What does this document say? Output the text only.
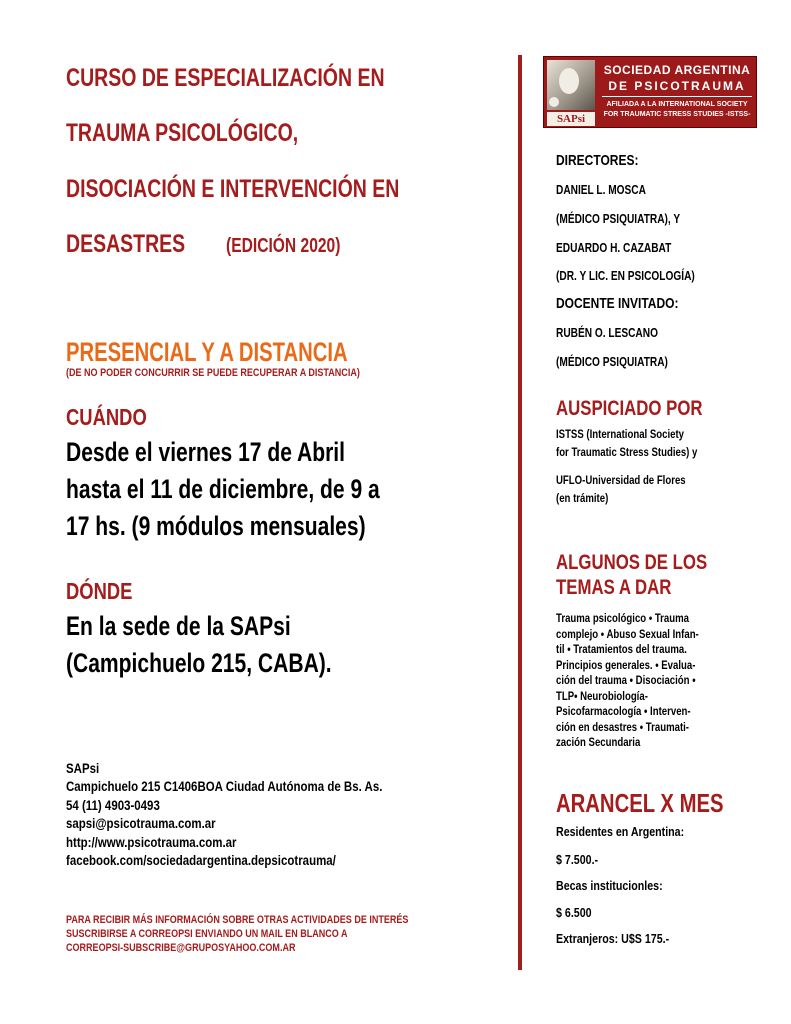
CURSO DE ESPECIALIZACIÓN EN
TRAUMA PSICOLÓGICO,
DISOCIACIÓN E INTERVENCIÓN EN
DESASTRES (EDICIÓN 2020)
PRESENCIAL Y A DISTANCIA
(DE NO PODER CONCURRIR SE PUEDE RECUPERAR A DISTANCIA)
CUÁNDO
Desde el viernes 17 de Abril
hasta el 11 de diciembre, de 9 a
17 hs. (9 módulos mensuales)
DÓNDE
En la sede de la SAPsi
(Campichuelo 215, CABA).
SAPsi
Campichuelo 215 C1406BOA Ciudad Autónoma de Bs. As.
54 (11) 4903-0493
sapsi@psicotrauma.com.ar
http://www.psicotrauma.com.ar
facebook.com/sociedadargentina.depsicotrauma/
PARA RECIBIR MÁS INFORMACIÓN SOBRE OTRAS ACTIVIDADES DE INTERÉS
SUSCRIBIRSE A CORREOPSI ENVIANDO UN MAIL EN BLANCO A
CORREOPSI-SUBSCRIBE@GRUPOSYAHOO.COM.AR
SAPsi
SOCIEDAD ARGENTINA
DE PSICOTRAUMA
AFILIADA A LA INTERNATIONAL SOCIETY
FOR TRAUMATIC STRESS STUDIES -ISTSS-
DIRECTORES:
DANIEL L. MOSCA
(MÉDICO PSIQUIATRA), Y
EDUARDO H. CAZABAT
(DR. Y LIC. EN PSICOLOGÍA)
DOCENTE INVITADO:
RUBÉN O. LESCANO
(MÉDICO PSIQUIATRA)
AUSPICIADO POR
ISTSS (International Society
for Traumatic Stress Studies) y
UFLO-Universidad de Flores
(en trámite)
ALGUNOS DE LOS
TEMAS A DAR
Trauma psicológico • Trauma
complejo • Abuso Sexual Infan-
til • Tratamientos del trauma.
Principios generales. • Evalua-
ción del trauma • Disociación •
TLP• Neurobiología-
Psicofarmacología • Interven-
ción en desastres • Traumati-
zación Secundaria
ARANCEL X MES
Residentes en Argentina:
$ 7.500.-
Becas institucionles:
$ 6.500
Extranjeros: U$S 175.-
